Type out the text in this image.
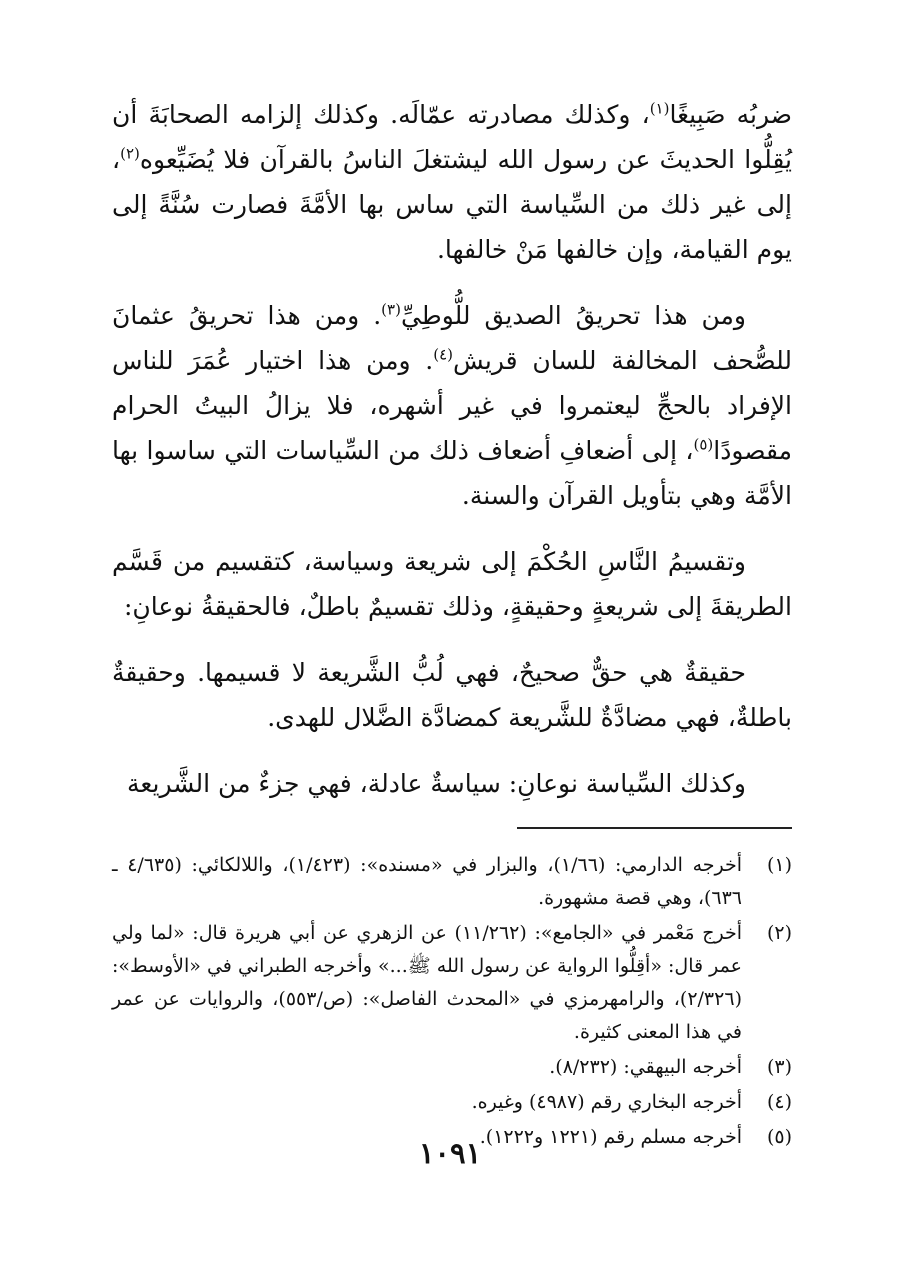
ضربُه صَبِيغًا$^{(١)}$، وكذلك مصادرته عمّالَه. وكذلك إلزامه الصحابَةَ أن يُقِلُّوا الحديثَ عن رسول الله ليشتغلَ الناسُ بالقرآن فلا يُضَيِّعوه$^{(٢)}$، إلى غير ذلك من السِّياسة التي ساس بها الأمَّةَ فصارت سُنَّةً إلى يوم القيامة، وإن خالفها مَنْ خالفها.

ومن هذا تحريقُ الصديق للُّوطِيِّ$^{(٣)}$. ومن هذا تحريقُ عثمانَ للصُّحف المخالفة للسان قريش$^{(٤)}$. ومن هذا اختيار عُمَرَ للناس الإفراد بالحجِّ ليعتمروا في غير أشهره، فلا يزالُ البيتُ الحرام مقصودًا$^{(٥)}$، إلى أضعافِ أضعاف ذلك من السِّياسات التي ساسوا بها الأمَّة وهي بتأويل القرآن والسنة.

وتقسيمُ النَّاسِ الحُكْمَ إلى شريعة وسياسة، كتقسيم من قَسَّم الطريقةَ إلى شريعةٍ وحقيقةٍ، وذلك تقسيمٌ باطلٌ، فالحقيقةُ نوعانِ:

حقيقةٌ هي حقٌّ صحيحٌ، فهي لُبُّ الشَّريعة لا قسيمها. وحقيقةٌ باطلةٌ، فهي مضادَّةٌ للشَّريعة كمضادَّة الضَّلال للهدى.

وكذلك السِّياسة نوعانِ: سياسةٌ عادلة، فهي جزءٌ من الشَّريعة

(١)
أخرجه الدارمي: (١/٦٦)، والبزار في «مسنده»: (١/٤٢٣)، واللالكائي: (٤/٦٣٥ ـ ٦٣٦)، وهي قصة مشهورة.
(٢)
أخرج مَعْمر في «الجامع»: (١١/٢٦٢) عن الزهري عن أبي هريرة قال: «لما ولي عمر قال: «أقِلُّوا الرواية عن رسول الله ﷺ...» وأخرجه الطبراني في «الأوسط»: (٢/٣٢٦)، والرامهرمزي في «المحدث الفاصل»: (ص/٥٥٣)، والروايات عن عمر في هذا المعنى كثيرة.
(٣)
أخرجه البيهقي: (٨/٢٣٢).
(٤)
أخرجه البخاري رقم (٤٩٨٧) وغيره.
(٥)
أخرجه مسلم رقم (١٢٢١ و١٢٢٢).
١٠٩١
